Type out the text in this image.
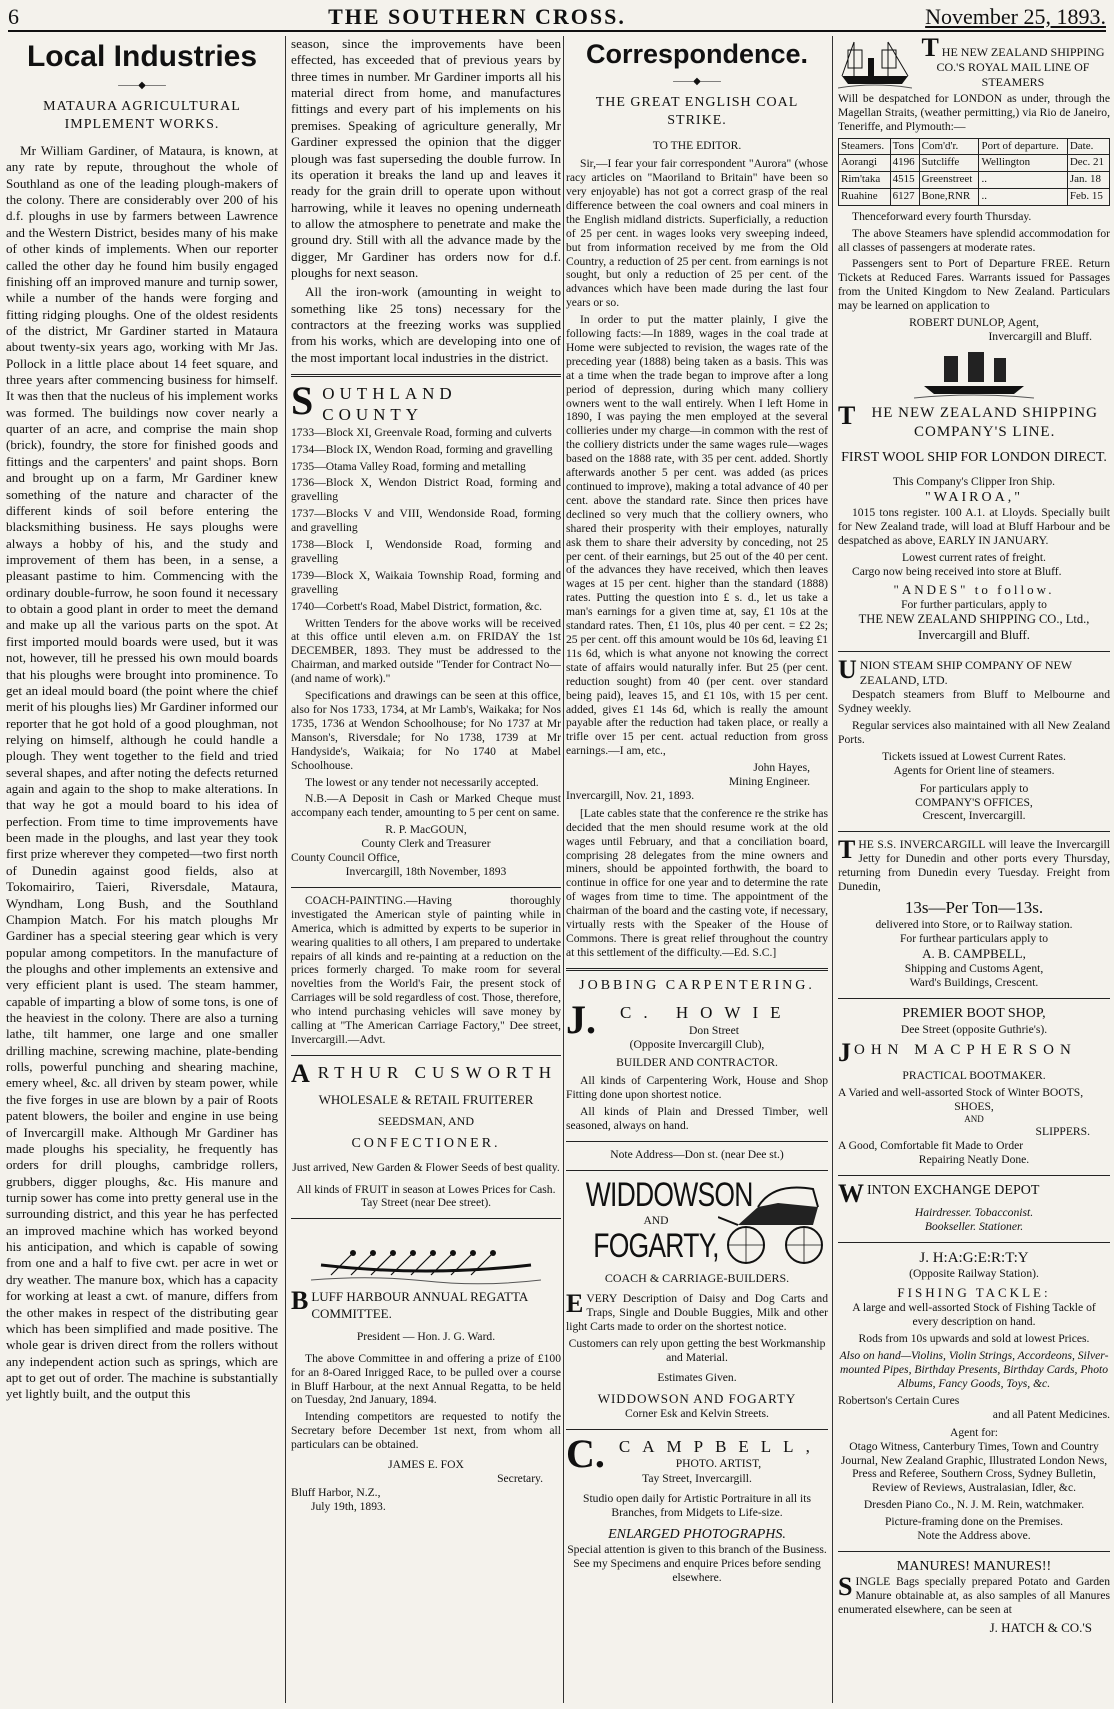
6	THE SOUTHERN CROSS.	November 25, 1893.
Local Industries
——◆——
MATAURA AGRICULTURAL IMPLEMENT WORKS.

Mr William Gardiner, of Mataura, is known, at any rate by repute, throughout the whole of Southland as one of the leading plough-makers of the colony. There are considerably over 200 of his d.f. ploughs in use by farmers between Lawrence and the Western District, besides many of his make of other kinds of implements. When our reporter called the other day he found him busily engaged finishing off an improved manure and turnip sower, while a number of the hands were forging and fitting ridging ploughs. One of the oldest residents of the district, Mr Gardiner started in Mataura about twenty-six years ago, working with Mr Jas. Pollock in a little place about 14 feet square, and three years after commencing business for himself. It was then that the nucleus of his implement works was formed. The buildings now cover nearly a quarter of an acre, and comprise the main shop (brick), foundry, the store for finished goods and fittings and the carpenters' and paint shops. Born and brought up on a farm, Mr Gardiner knew something of the nature and character of the different kinds of soil before entering the blacksmithing business. He says ploughs were always a hobby of his, and the study and improvement of them has been, in a sense, a pleasant pastime to him. Commencing with the ordinary double-furrow, he soon found it necessary to obtain a good plant in order to meet the demand and make up all the various parts on the spot. At first imported mould boards were used, but it was not, however, till he pressed his own mould boards that his ploughs were brought into prominence. To get an ideal mould board (the point where the chief merit of his ploughs lies) Mr Gardiner informed our reporter that he got hold of a good ploughman, not relying on himself, although he could handle a plough. They went together to the field and tried several shapes, and after noting the defects returned again and again to the shop to make alterations. In that way he got a mould board to his idea of perfection. From time to time improvements have been made in the ploughs, and last year they took first prize wherever they competed—two first north of Dunedin against good fields, also at Tokomairiro, Taieri, Riversdale, Mataura, Wyndham, Long Bush, and the Southland Champion Match. For his match ploughs Mr Gardiner has a special steering gear which is very popular among competitors. In the manufacture of the ploughs and other implements an extensive and very efficient plant is used. The steam hammer, capable of imparting a blow of some tons, is one of the heaviest in the colony. There are also a turning lathe, tilt hammer, one large and one smaller drilling machine, screwing machine, plate-bending rolls, powerful punching and shearing machine, emery wheel, &c. all driven by steam power, while the five forges in use are blown by a pair of Roots patent blowers, the boiler and engine in use being of Invercargill make. Although Mr Gardiner has made ploughs his speciality, he frequently has orders for drill ploughs, cambridge rollers, grubbers, digger ploughs, &c. His manure and turnip sower has come into pretty general use in the surrounding district, and this year he has perfected an improved machine which has worked beyond his anticipation, and which is capable of sowing from one and a half to five cwt. per acre in wet or dry weather. The manure box, which has a capacity for working at least a cwt. of manure, differs from the other makes in respect of the distributing gear which has been simplified and made positive. The whole gear is driven direct from the rollers without any independent action such as springs, which are apt to get out of order. The machine is substantially yet lightly built, and the output this

season, since the improvements have been effected, has exceeded that of previous years by three times in number. Mr Gardiner imports all his material direct from home, and manufactures fittings and every part of his implements on his premises. Speaking of agriculture generally, Mr Gardiner expressed the opinion that the digger plough was fast superseding the double furrow. In its operation it breaks the land up and leaves it ready for the grain drill to operate upon without harrowing, while it leaves no opening underneath to allow the atmosphere to penetrate and make the ground dry. Still with all the advance made by the digger, Mr Gardiner has orders now for d.f. ploughs for next season.

All the iron-work (amounting in weight to something like 25 tons) necessary for the contractors at the freezing works was supplied from his works, which are developing into one of the most important local industries in the district.

SOUTHLAND COUNTY

1733—Block XI, Greenvale Road, forming and culverts

1734—Block IX, Wendon Road, forming and gravelling

1735—Otama Valley Road, forming and metalling

1736—Block X, Wendon District Road, forming and gravelling

1737—Blocks V and VIII, Wendonside Road, forming and gravelling

1738—Block I, Wendonside Road, forming and gravelling

1739—Block X, Waikaia Township Road, forming and gravelling

1740—Corbett's Road, Mabel District, formation, &c.

Written Tenders for the above works will be received at this office until eleven a.m. on FRIDAY the 1st DECEMBER, 1893. They must be addressed to the Chairman, and marked outside "Tender for Contract No—(and name of work)."

Specifications and drawings can be seen at this office, also for Nos 1733, 1734, at Mr Lamb's, Waikaka; for Nos 1735, 1736 at Wendon Schoolhouse; for No 1737 at Mr Manson's, Riversdale; for No 1738, 1739 at Mr Handyside's, Waikaia; for No 1740 at Mabel Schoolhouse.

The lowest or any tender not necessarily accepted.

N.B.—A Deposit in Cash or Marked Cheque must accompany each tender, amounting to 5 per cent on same.

R. P. MacGOUN,
County Clerk and Treasurer
County Council Office,
Invercargill, 18th November, 1893

COACH-PAINTING.—Having thoroughly investigated the American style of painting while in America, which is admitted by experts to be superior in wearing qualities to all others, I am prepared to undertake repairs of all kinds and re-painting at a reduction on the prices formerly charged. To make room for several novelties from the World's Fair, the present stock of Carriages will be sold regardless of cost. Those, therefore, who intend purchasing vehicles will save money by calling at "The American Carriage Factory," Dee street, Invercargill.—Advt.

ARTHUR CUSWORTH
WHOLESALE & RETAIL FRUITERER
SEEDSMAN, AND
CONFECTIONER.
Just arrived, New Garden & Flower Seeds of best quality.
All kinds of FRUIT in season at Lowes Prices for Cash.
Tay Street (near Dee street).
BLUFF HARBOUR ANNUAL REGATTA COMMITTEE.
President — Hon. J. G. Ward.

The above Committee in and offering a prize of £100 for an 8-Oared Inrigged Race, to be pulled over a course in Bluff Harbour, at the next Annual Regatta, to be held on Tuesday, 2nd January, 1894.

Intending competitors are requested to notify the Secretary before December 1st next, from whom all particulars can be obtained.

JAMES E. FOX
Secretary.
Bluff Harbor, N.Z.,
July 19th, 1893.
Correspondence.
——◆——
THE GREAT ENGLISH COAL STRIKE.
TO THE EDITOR.

Sir,—I fear your fair correspondent "Aurora" (whose racy articles on "Maoriland to Britain" have been so very enjoyable) has not got a correct grasp of the real difference between the coal owners and coal miners in the English midland districts. Superficially, a reduction of 25 per cent. in wages looks very sweeping indeed, but from information received by me from the Old Country, a reduction of 25 per cent. from earnings is not sought, but only a reduction of 25 per cent. of the advances which have been made during the last four years or so.

In order to put the matter plainly, I give the following facts:—In 1889, wages in the coal trade at Home were subjected to revision, the wages rate of the preceding year (1888) being taken as a basis. This was at a time when the trade began to improve after a long period of depression, during which many colliery owners went to the wall entirely. When I left Home in 1890, I was paying the men employed at the several collieries under my charge—in common with the rest of the colliery districts under the same wages rule—wages based on the 1888 rate, with 35 per cent. added. Shortly afterwards another 5 per cent. was added (as prices continued to improve), making a total advance of 40 per cent. above the standard rate. Since then prices have declined so very much that the colliery owners, who shared their prosperity with their employes, naturally ask them to share their adversity by conceding, not 25 per cent. of their earnings, but 25 out of the 40 per cent. of the advances they have received, which then leaves wages at 15 per cent. higher than the standard (1888) rates. Putting the question into £ s. d., let us take a man's earnings for a given time at, say, £1 10s at the standard rates. Then, £1 10s, plus 40 per cent. = £2 2s; 25 per cent. off this amount would be 10s 6d, leaving £1 11s 6d, which is what anyone not knowing the correct state of affairs would naturally infer. But 25 (per cent. reduction sought) from 40 (per cent. over standard being paid), leaves 15, and £1 10s, with 15 per cent. added, gives £1 14s 6d, which is really the amount payable after the reduction had taken place, or really a trifle over 15 per cent. actual reduction from gross earnings.—I am, etc.,

John Hayes,
Mining Engineer.
Invercargill, Nov. 21, 1893.

[Late cables state that the conference re the strike has decided that the men should resume work at the old wages until February, and that a conciliation board, comprising 28 delegates from the mine owners and miners, should be appointed forthwith, the board to continue in office for one year and to determine the rate of wages from time to time. The appointment of the chairman of the board and the casting vote, if necessary, virtually rests with the Speaker of the House of Commons. There is great relief throughout the country at this settlement of the difficulty.—Ed. S.C.]

JOBBING CARPENTERING.
J. C. HOWIE
Don Street
(Opposite Invercargill Club),
BUILDER AND CONTRACTOR.

All kinds of Carpentering Work, House and Shop Fitting done upon shortest notice.

All kinds of Plain and Dressed Timber, well seasoned, always on hand.

Note Address—Don st. (near Dee st.)
WIDDOWSON
AND
FOGARTY,
COACH & CARRIAGE-BUILDERS.

EVERY Description of Daisy and Dog Carts and Traps, Single and Double Buggies, Milk and other light Carts made to order on the shortest notice.

Customers can rely upon getting the best Workmanship and Material.

Estimates Given.

WIDDOWSON AND FOGARTY
Corner Esk and Kelvin Streets.
C. CAMPBELL,
PHOTO. ARTIST,
Tay Street, Invercargill.

Studio open daily for Artistic Portraiture in all its Branches, from Midgets to Life-size.

ENLARGED PHOTOGRAPHS.

Special attention is given to this branch of the Business. See my Specimens and enquire Prices before sending elsewhere.

THE NEW ZEALAND SHIPPING CO.'S ROYAL MAIL LINE OF STEAMERS

Will be despatched for LONDON as under, through the Magellan Straits, (weather permitting,) via Rio de Janeiro, Teneriffe, and Plymouth:—

Steamers.	Tons	Com'd'r.	Port of departure.	Date.
Aorangi	4196	Sutcliffe	Wellington	Dec. 21
Rim'taka	4515	Greenstreet	..	Jan. 18
Ruahine	6127	Bone,RNR	..	Feb. 15

Thenceforward every fourth Thursday.

The above Steamers have splendid accommodation for all classes of passengers at moderate rates.

Passengers sent to Port of Departure FREE. Return Tickets at Reduced Fares. Warrants issued for Passages from the United Kingdom to New Zealand. Particulars may be learned on application to

ROBERT DUNLOP, Agent,
Invercargill and Bluff.
T HE NEW ZEALAND SHIPPING COMPANY'S LINE.
FIRST WOOL SHIP FOR LONDON DIRECT.
This Company's Clipper Iron Ship.
"WAIROA,"

1015 tons register. 100 A.1. at Lloyds. Specially built for New Zealand trade, will load at Bluff Harbour and be despatched as above, EARLY IN JANUARY.

Lowest current rates of freight.

Cargo now being received into store at Bluff.

"ANDES" to follow.
For further particulars, apply to
THE NEW ZEALAND SHIPPING CO., Ltd., Invercargill and Bluff.
UNION STEAM SHIP COMPANY OF NEW ZEALAND, LTD.

Despatch steamers from Bluff to Melbourne and Sydney weekly.

Regular services also maintained with all New Zealand Ports.

Tickets issued at Lowest Current Rates.
Agents for Orient line of steamers.
For particulars apply to
COMPANY'S OFFICES,
Crescent, Invercargill.

THE S.S. INVERCARGILL will leave the Invercargill Jetty for Dunedin and other ports every Thursday, returning from Dunedin every Tuesday. Freight from Dunedin,

13s—Per Ton—13s.
delivered into Store, or to Railway station.
For furthear particulars apply to
A. B. CAMPBELL,
Shipping and Customs Agent,
Ward's Buildings, Crescent.
PREMIER BOOT SHOP,
Dee Street (opposite Guthrie's).
JOHN MACPHERSON
PRACTICAL BOOTMAKER.
A Varied and well-assorted Stock of Winter BOOTS,
SHOES,
AND
SLIPPERS.
A Good, Comfortable fit Made to Order
Repairing Neatly Done.
WINTON EXCHANGE DEPOT
Hairdresser. Tobacconist.
Bookseller. Stationer.
J. H:A:G:E:R:T:Y
(Opposite Railway Station).
FISHING TACKLE:

A large and well-assorted Stock of Fishing Tackle of every description on hand.

Rods from 10s upwards and sold at lowest Prices.

Also on hand—Violins, Violin Strings, Accordeons, Silver-mounted Pipes, Birthday Presents, Birthday Cards, Photo Albums, Fancy Goods, Toys, &c.

Robertson's Certain Cures
and all Patent Medicines.
Agent for:

Otago Witness, Canterbury Times, Town and Country Journal, New Zealand Graphic, Illustrated London News, Press and Referee, Southern Cross, Sydney Bulletin, Review of Reviews, Australasian, Idler, &c.

Dresden Piano Co., N. J. M. Rein, watchmaker.

Picture-framing done on the Premises.
Note the Address above.
MANURES! MANURES!!

SINGLE Bags specially prepared Potato and Garden Manure obtainable at, as also samples of all Manures enumerated elsewhere, can be seen at

J. HATCH & CO.'S
